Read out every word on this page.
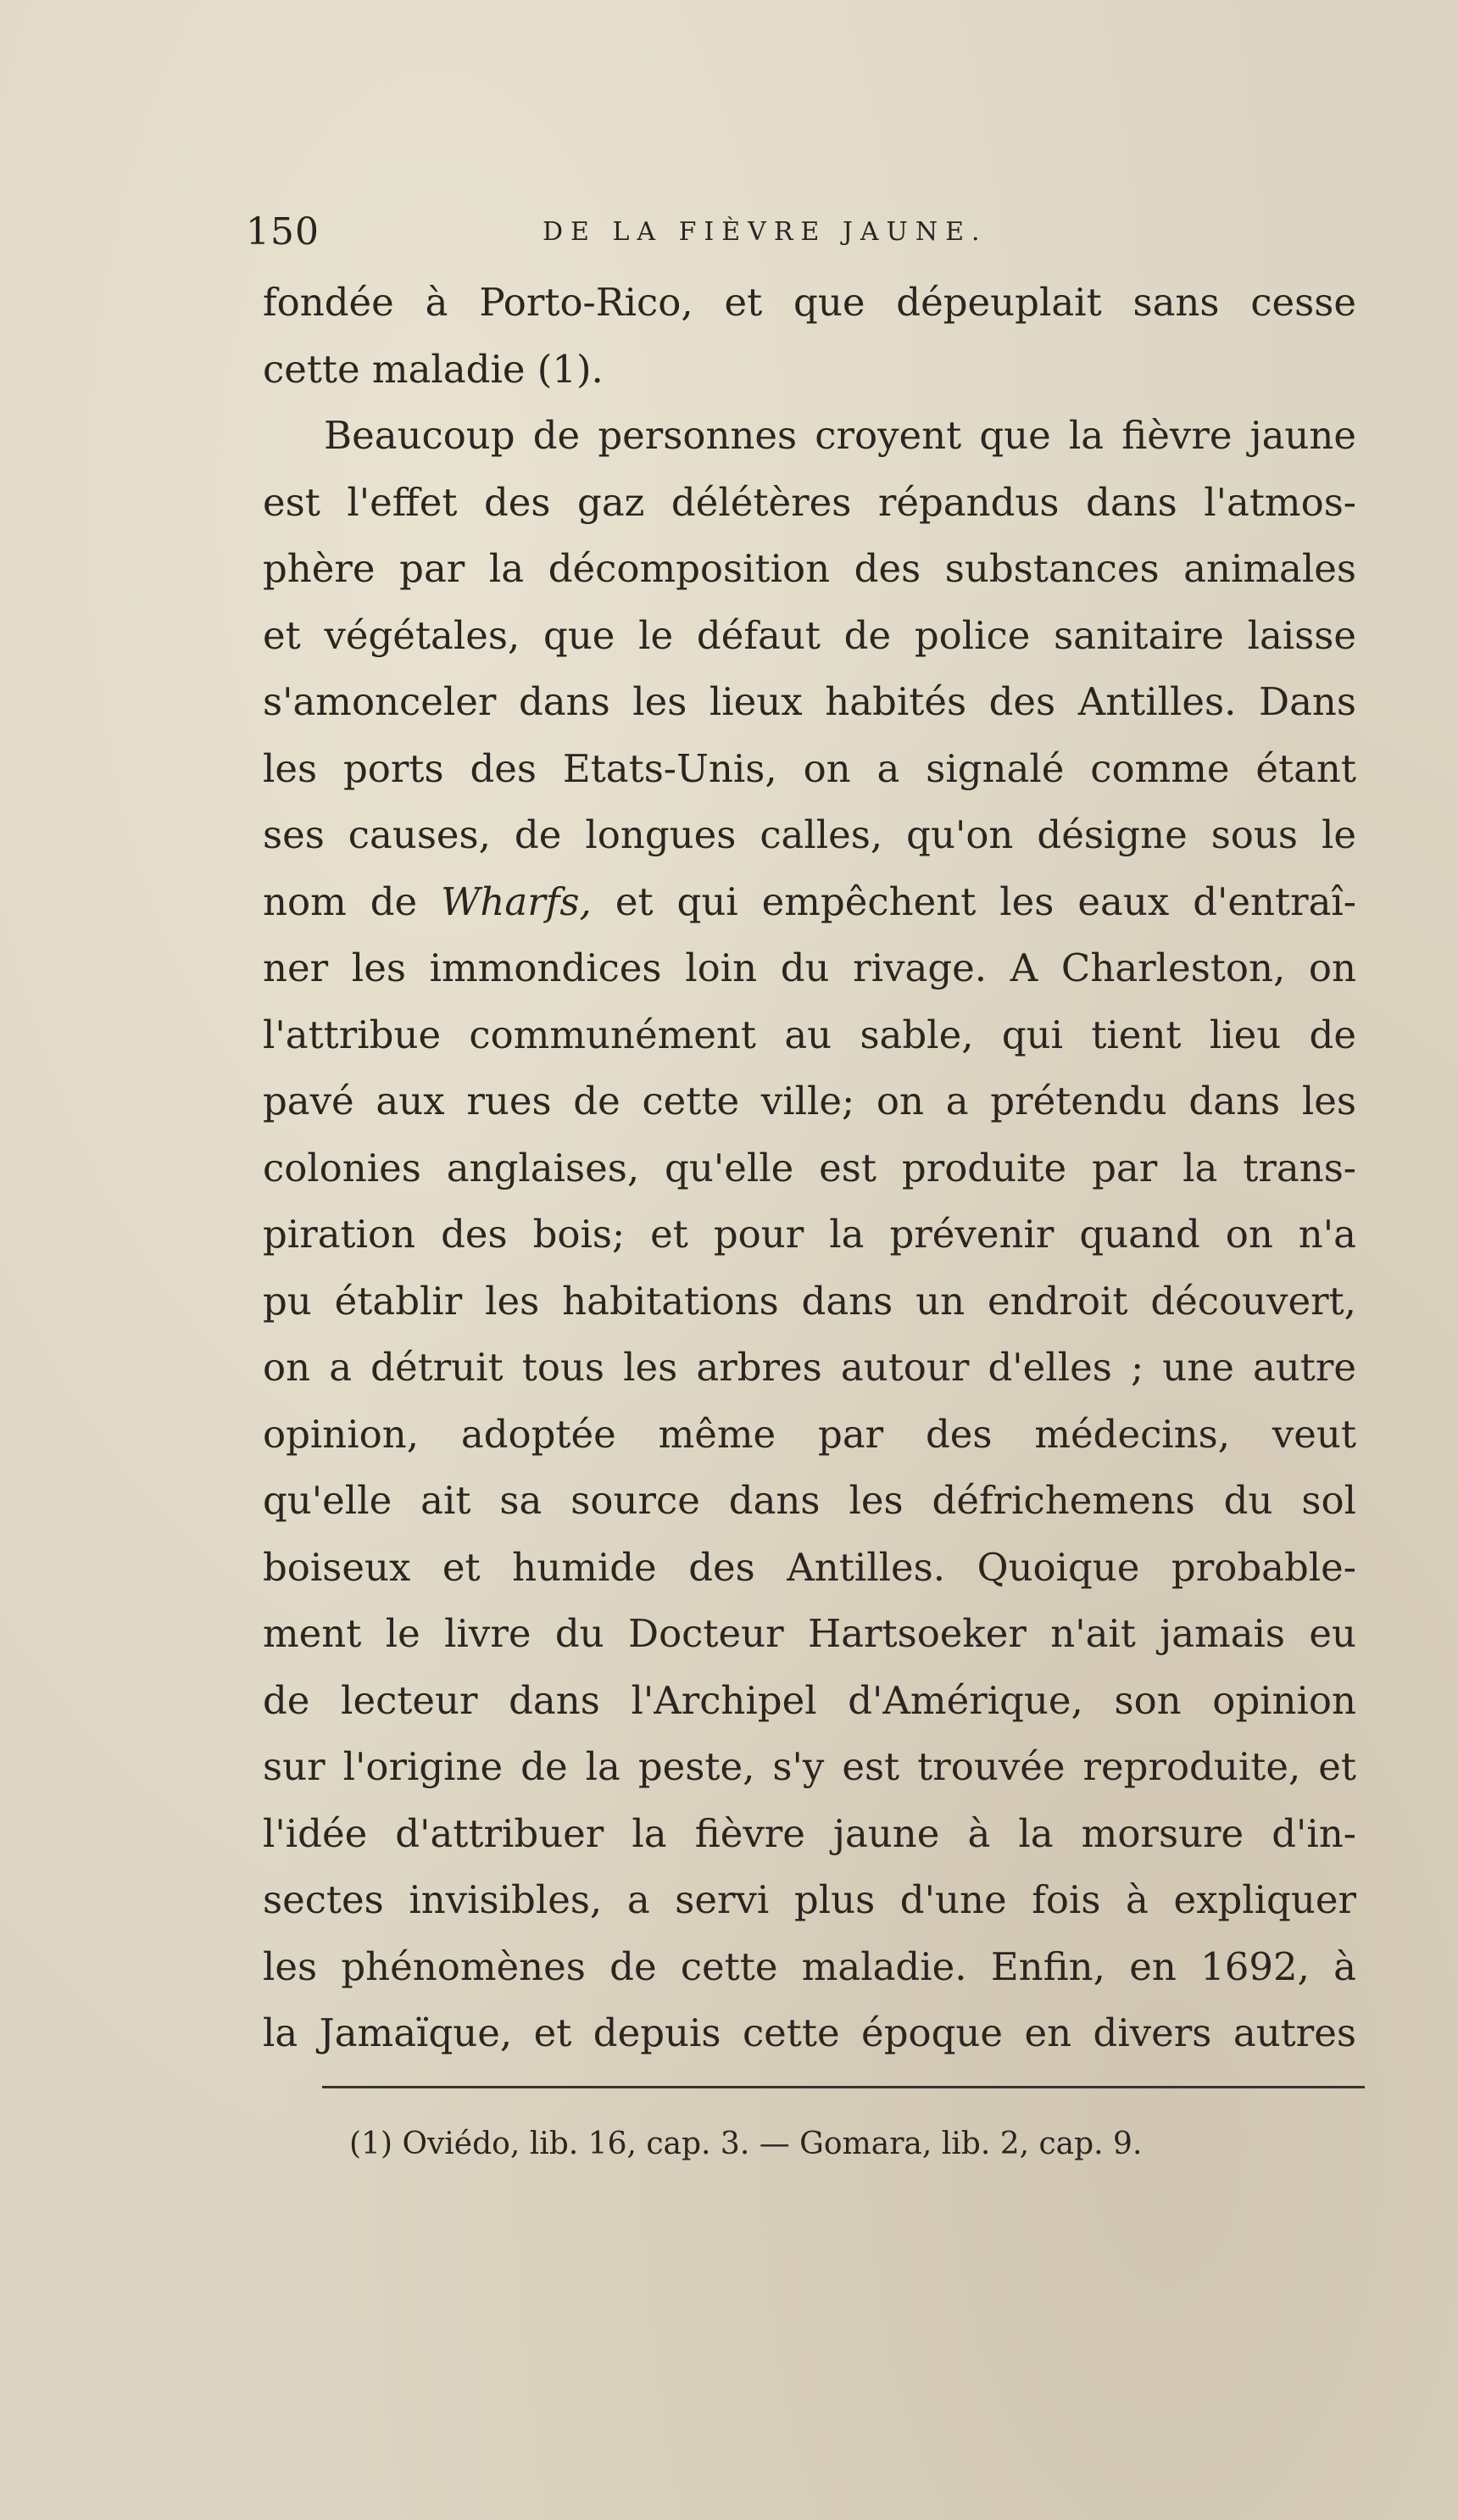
150	DE LA FIÈVRE JAUNE.
fondée à Porto-Rico, et que dépeuplait sans cesse
cette maladie (1).
Beaucoup de personnes croyent que la fièvre jaune
est l'effet des gaz délétères répandus dans l'atmos-
phère par la décomposition des substances animales
et végétales, que le défaut de police sanitaire laisse
s'amonceler dans les lieux habités des Antilles. Dans
les ports des Etats-Unis, on a signalé comme étant
ses causes, de longues calles, qu'on désigne sous le
nom de Wharfs, et qui empêchent les eaux d'entraî-
ner les immondices loin du rivage. A Charleston, on
l'attribue communément au sable, qui tient lieu de
pavé aux rues de cette ville; on a prétendu dans les
colonies anglaises, qu'elle est produite par la trans-
piration des bois; et pour la prévenir quand on n'a
pu établir les habitations dans un endroit découvert,
on a détruit tous les arbres autour d'elles ; une autre
opinion, adoptée même par des médecins, veut
qu'elle ait sa source dans les défrichemens du sol
boiseux et humide des Antilles. Quoique probable-
ment le livre du Docteur Hartsoeker n'ait jamais eu
de lecteur dans l'Archipel d'Amérique, son opinion
sur l'origine de la peste, s'y est trouvée reproduite, et
l'idée d'attribuer la fièvre jaune à la morsure d'in-
sectes invisibles, a servi plus d'une fois à expliquer
les phénomènes de cette maladie. Enfin, en 1692, à
la Jamaïque, et depuis cette époque en divers autres
(1) Oviédo, lib. 16, cap. 3. — Gomara, lib. 2, cap. 9.
